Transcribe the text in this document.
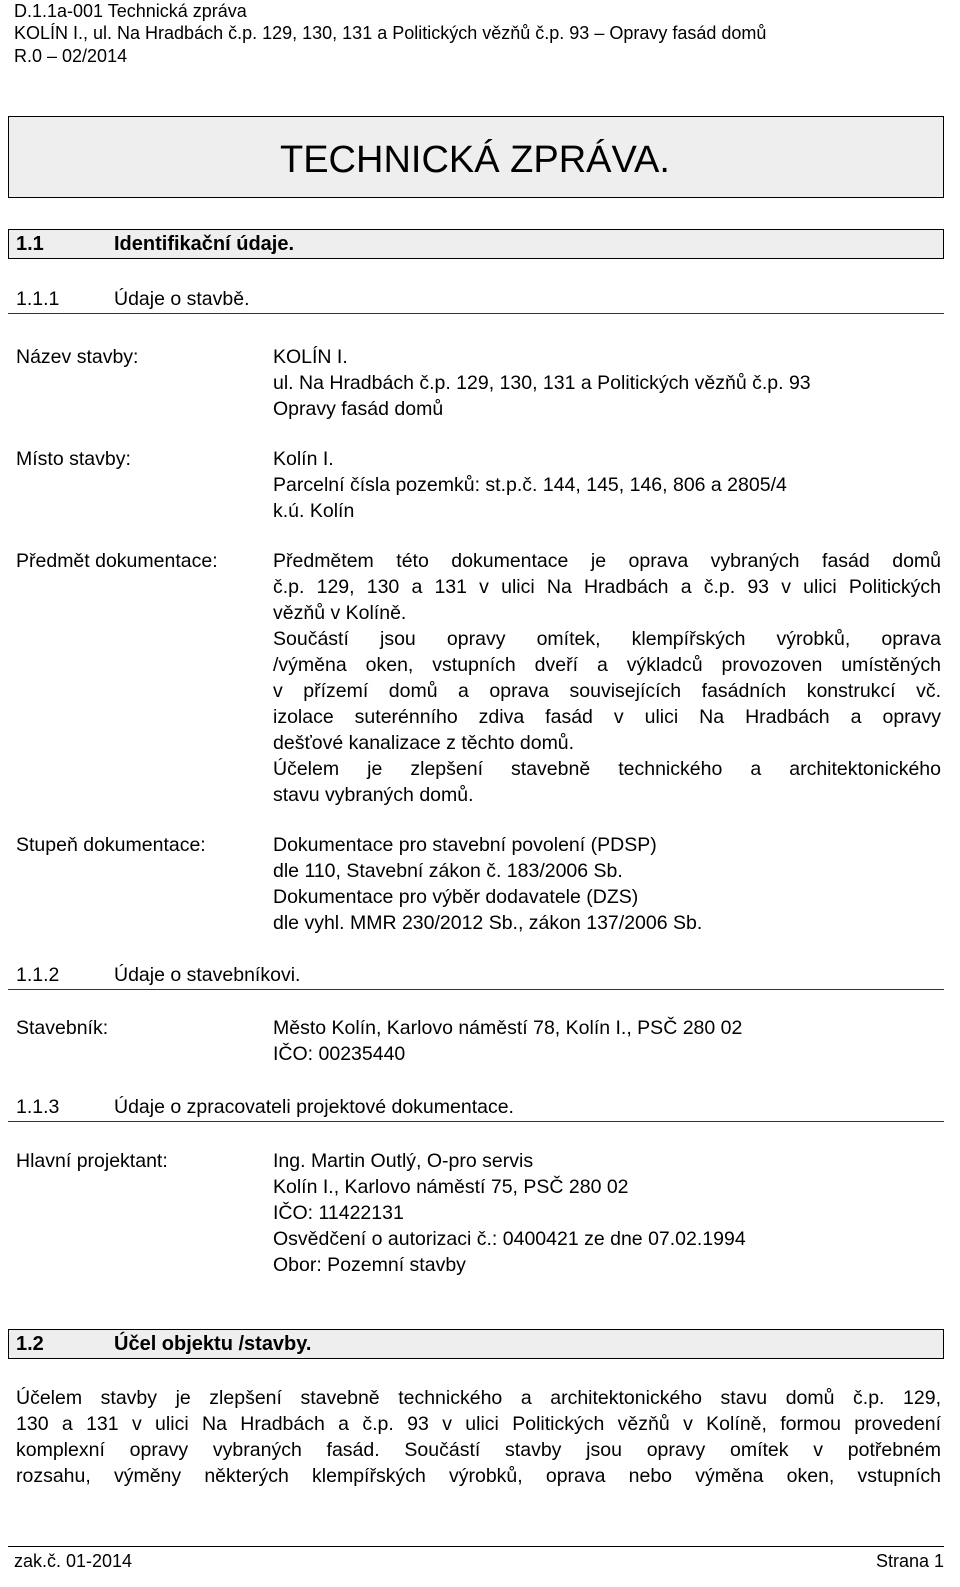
D.1.1a-001 Technická zpráva
KOLÍN I., ul. Na Hradbách č.p. 129, 130, 131 a Politických vězňů č.p. 93 – Opravy fasád domů
R.0 – 02/2014
TECHNICKÁ ZPRÁVA.
1.1	Identifikační údaje.
1.1.1	Údaje o stavbě.
Název stavby:	KOLÍN I.
ul. Na Hradbách č.p. 129, 130, 131 a Politických vězňů č.p. 93
Opravy fasád domů
Místo stavby:	Kolín I.
Parcelní čísla pozemků: st.p.č. 144, 145, 146, 806 a 2805/4
k.ú. Kolín
Předmět dokumentace:	Předmětem této dokumentace je oprava vybraných fasád domů
č.p. 129, 130 a 131 v ulici Na Hradbách a č.p. 93 v ulici Politických
vězňů v Kolíně.
Součástí jsou opravy omítek, klempířských výrobků, oprava
/výměna oken, vstupních dveří a výkladců provozoven umístěných
v přízemí domů a oprava souvisejících fasádních konstrukcí vč.
izolace suterénního zdiva fasád v ulici Na Hradbách a opravy
dešťové kanalizace z těchto domů.
Účelem je zlepšení stavebně technického a architektonického
stavu vybraných domů.
Stupeň dokumentace:	Dokumentace pro stavební povolení (PDSP)
dle 110, Stavební zákon č. 183/2006 Sb.
Dokumentace pro výběr dodavatele (DZS)
dle vyhl. MMR 230/2012 Sb., zákon 137/2006 Sb.
1.1.2	Údaje o stavebníkovi.
Stavebník:	Město Kolín, Karlovo náměstí 78, Kolín I., PSČ 280 02
IČO: 00235440
1.1.3	Údaje o zpracovateli projektové dokumentace.
Hlavní projektant:	Ing. Martin Outlý, O-pro servis
Kolín I., Karlovo náměstí 75, PSČ 280 02
IČO: 11422131
Osvědčení o autorizaci č.: 0400421 ze dne 07.02.1994
Obor: Pozemní stavby
1.2	Účel objektu /stavby.
Účelem stavby je zlepšení stavebně technického a architektonického stavu domů č.p. 129,
130 a 131 v ulici Na Hradbách a č.p. 93 v ulici Politických vězňů v Kolíně, formou provedení
komplexní opravy vybraných fasád. Součástí stavby jsou opravy omítek v potřebném
rozsahu, výměny některých klempířských výrobků, oprava nebo výměna oken, vstupních
zak.č. 01-2014	Strana 1
